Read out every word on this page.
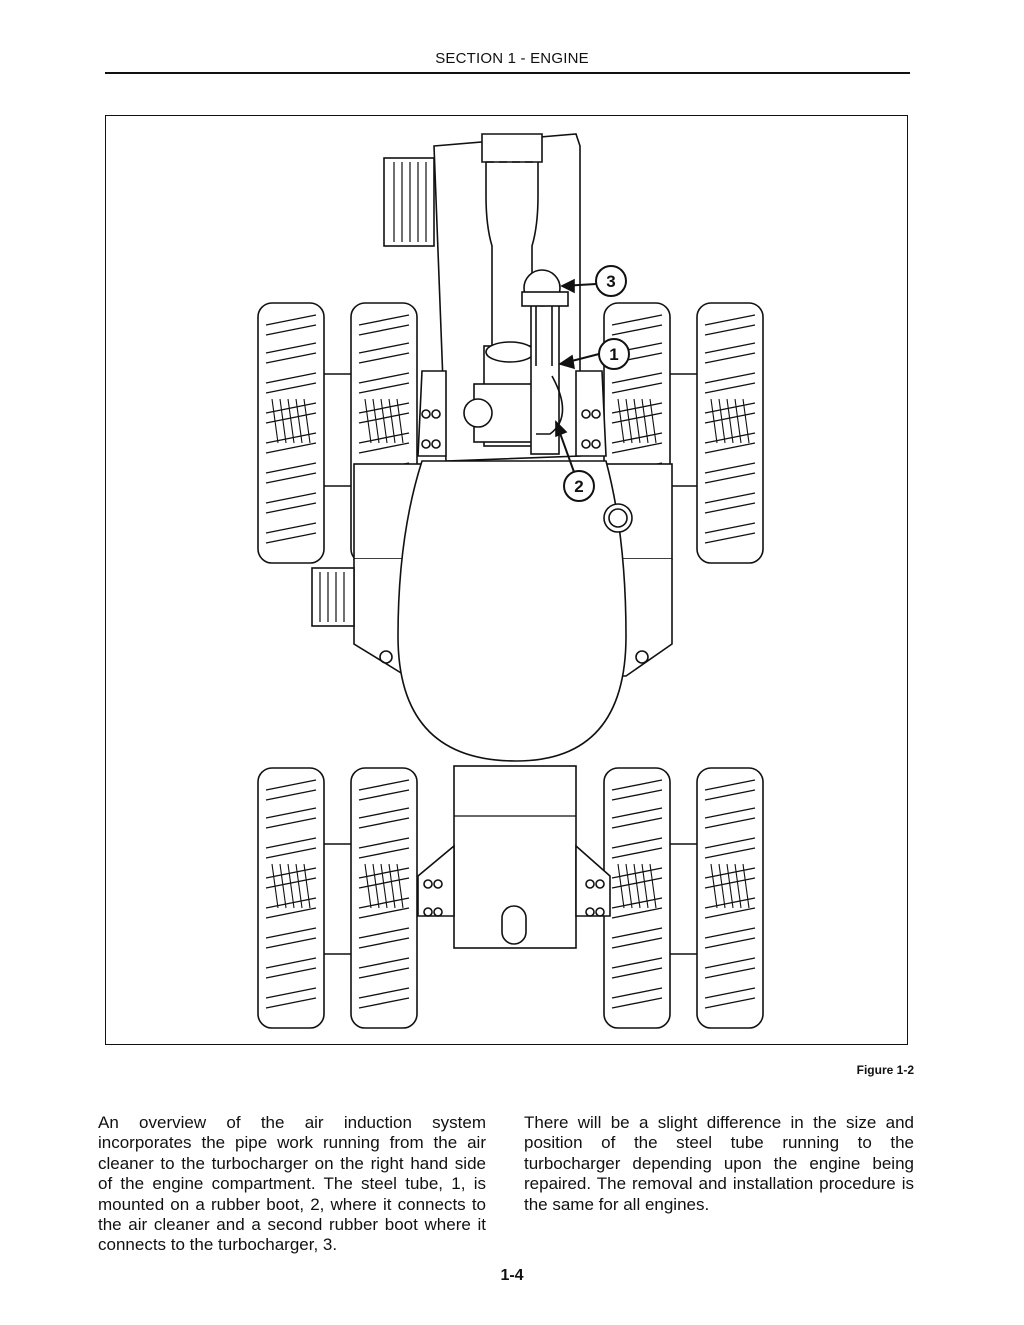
SECTION 1 - ENGINE
3
1
2
Figure 1-2
An overview of the air induction system incorporates the pipe work running from the air cleaner to the turbocharger on the right hand side of the engine compartment. The steel tube, 1, is mounted on a rubber boot, 2, where it connects to the air cleaner and a second rubber boot where it connects to the turbocharger, 3.
There will be a slight difference in the size and position of the steel tube running to the turbocharger depending upon the engine being repaired. The removal and installation procedure is the same for all engines.
1-4
